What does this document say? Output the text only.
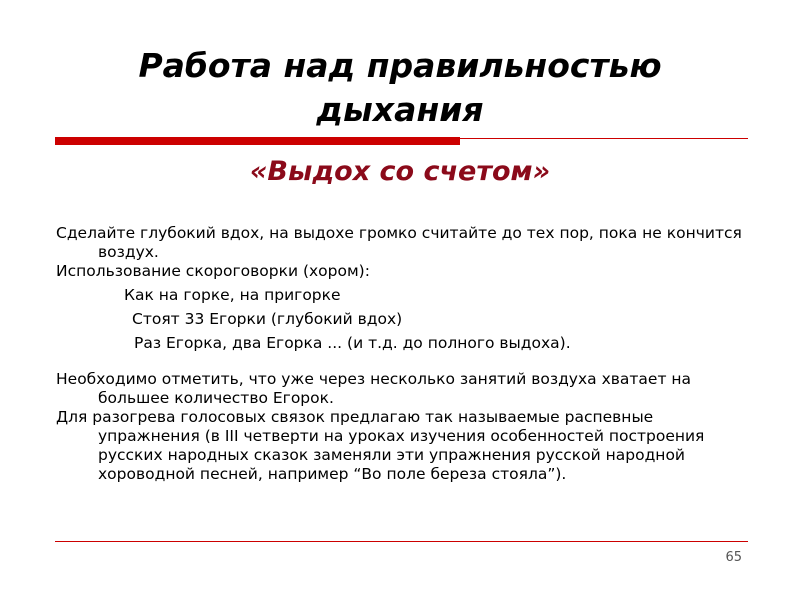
Работа над правильностью
дыхания
«Выдох со счетом»

Сделайте глубокий вдох, на выдохе громко считайте до тех пор, пока не кончится воздух.

Использование скороговорки (хором):

Как на горке, на пригорке

Стоят 33 Егорки (глубокий вдох)

Раз Егорка, два Егорка ... (и т.д. до полного выдоха).

Необходимо отметить, что уже через несколько занятий воздуха хватает на большее количество Егорок.

Для разогрева голосовых связок предлагаю так называемые распевные упражнения (в III четверти на уроках изучения особенностей построения русских народных сказок заменяли эти упражнения русской народной хороводной песней, например “Во поле береза стояла”).

65
